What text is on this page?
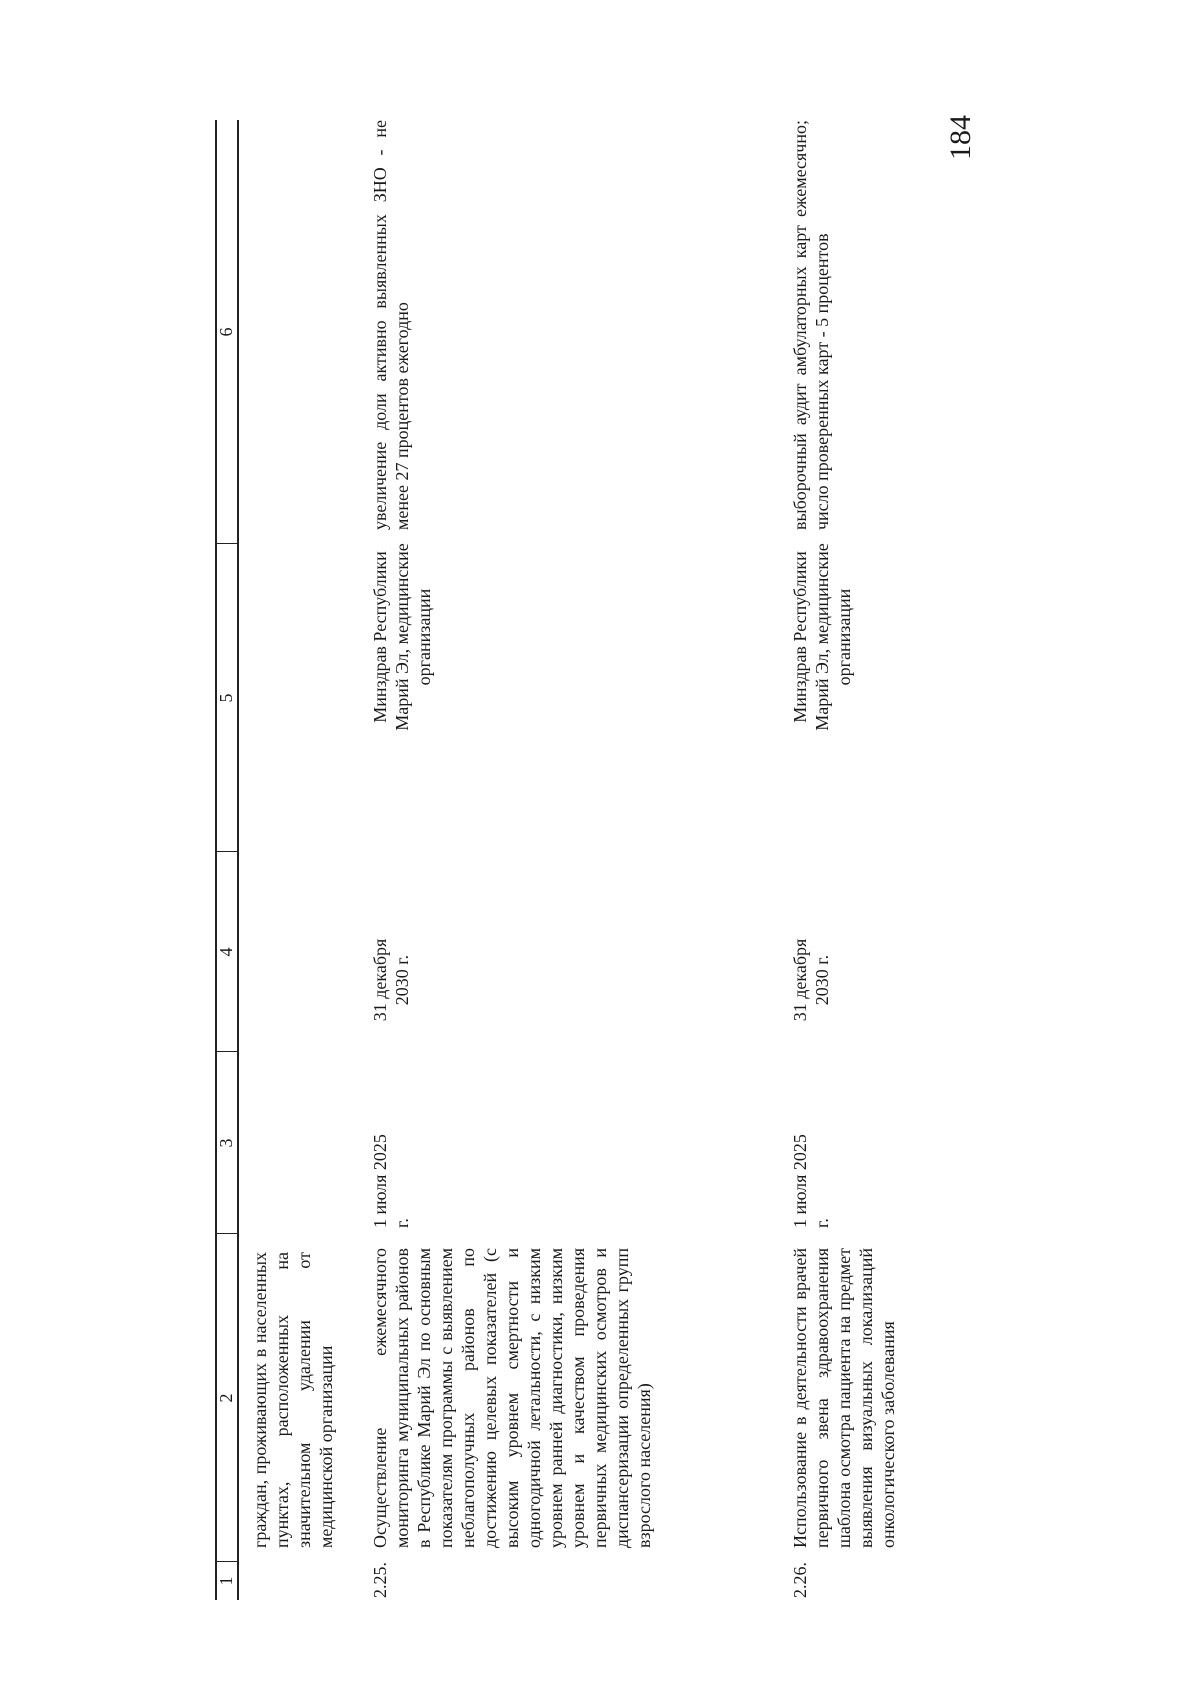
184
1
2
3
4
5
6

граждан, проживающих в населенных пунктах, расположенных на значительном удалении от медицинской организации

2.25.

Осуществление ежемесячного мониторинга муниципальных районов в Республике Марий Эл по основным показателям программы с выявлением неблагополучных районов по достижению целевых показателей (с высоким уровнем смертности и одногодичной летальности, с низким уровнем ранней диагностики, низким уровнем и качеством проведения первичных медицинских осмотров и диспансеризации определенных групп взрослого населения)

1 июля 2025 г.

31 декабря 2030 г.

Минздрав Республики Марий Эл, медицинские организации

увеличение доли активно выявленных ЗНО - не менее 27 процентов ежегодно

2.26.

Использование в деятельности врачей первичного звена здравоохранения шаблона осмотра пациента на предмет выявления визуальных локализаций онкологического заболевания

1 июля 2025 г.

31 декабря 2030 г.

Минздрав Республики Марий Эл, медицинские организации

выборочный аудит амбулаторных карт ежемесячно; число проверенных карт - 5 процентов
